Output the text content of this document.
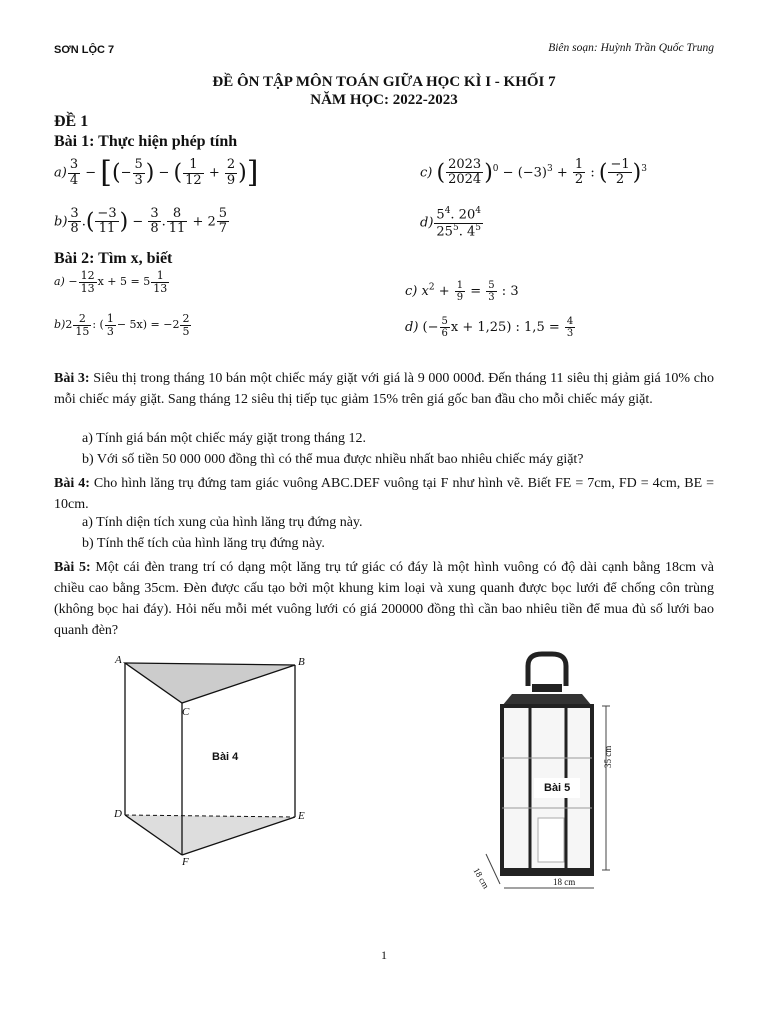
SƠN LỘC 7	Biên soạn: Huỳnh Trần Quốc Trung
ĐỀ ÔN TẬP MÔN TOÁN GIỮA HỌC KÌ I - KHỐI 7
NĂM HỌC: 2022-2023
ĐỀ 1
Bài 1: Thực hiện phép tính
$a) \frac{3}{4}$ − [(− $\frac{5}{3}$ ) − ( $\frac{1}{12} + \frac{2}{9}$ )]
$b) \frac{3}{8}$ .( $\frac{-3}{11}$ ) − $\frac{3}{8}$ . $\frac{8}{11} + 2 \frac{5}{7}$
c) ( $\frac{2023}{2024} )^0 - (-3)^3 + \frac{1}{2}$ : ( $\frac{-1}{2} )^3$
$d) \frac{5^4. 20^4}{25^5. 4^5}$
Bài 2: Tìm x, biết
$a) - \frac{12}{13}$ $x + 5 = 5 \frac{1}{13}$
$b)2 \frac{2}{15}$ : ( $\frac{1}{3} - 5x) = -2 \frac{2}{5}$
c) $x^2 + \frac{1}{9} = \frac{5}{3}$ : 3
d) (− $\frac{5}{6}$ x + 1,25) : $1,5 = \frac{4}{3}$
Bài 3: Siêu thị trong tháng 10 bán một chiếc máy giặt với giá là 9 000 000đ. Đến tháng 11 siêu thị giảm giá 10% cho mỗi chiếc máy giặt. Sang tháng 12 siêu thị tiếp tục giảm 15% trên giá gốc ban đầu cho mỗi chiếc máy giặt.
a) Tính giá bán một chiếc máy giặt trong tháng 12.
b) Với số tiền 50 000 000 đồng thì có thể mua được nhiều nhất bao nhiêu chiếc máy giặt?
Bài 4: Cho hình lăng trụ đứng tam giác vuông ABC.DEF vuông tại F như hình vẽ. Biết FE = 7cm, FD = 4cm, BE = 10cm.
a) Tính diện tích xung của hình lăng trụ đứng này.
b) Tính thể tích của hình lăng trụ đứng này.
Bài 5: Một cái đèn trang trí có dạng một lăng trụ tứ giác có đáy là một hình vuông có độ dài cạnh bằng 18cm và chiều cao bằng 35cm. Đèn được cấu tạo bởi một khung kim loại và xung quanh được bọc lưới để chống côn trùng (không bọc hai đáy). Hỏi nếu mỗi mét vuông lưới có giá 200000 đồng thì cần bao nhiêu tiền để mua đủ số lưới bao quanh đèn?
A	B
C
D	E
F
Bài 4	35 cm
18 cm	18 cm
Bài 5
1
